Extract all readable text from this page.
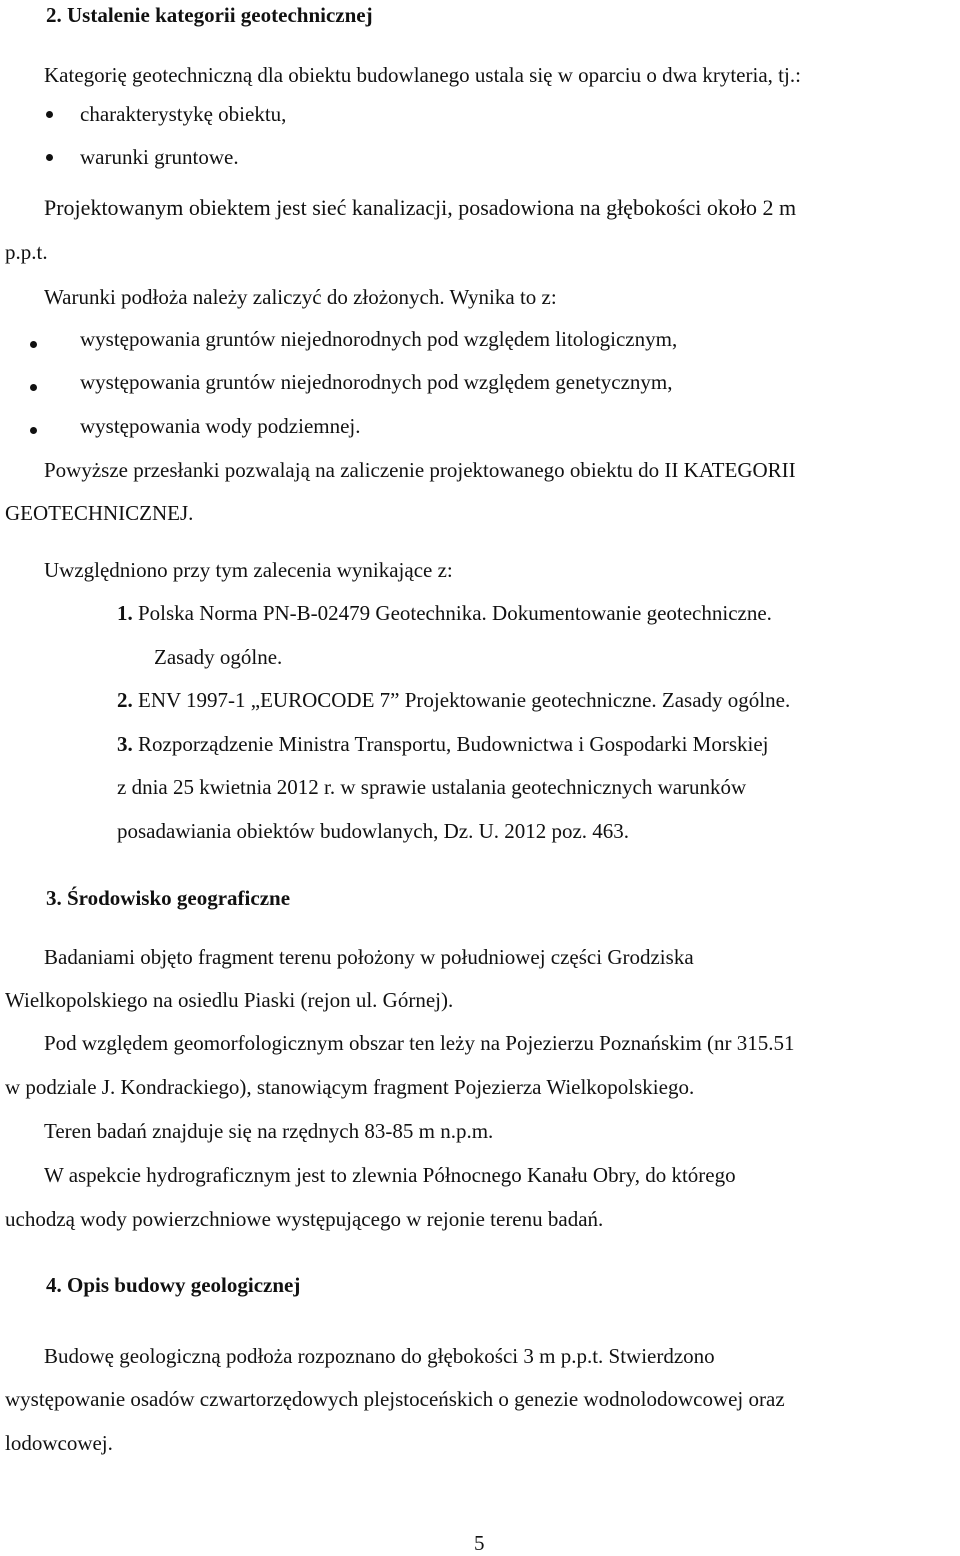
2. Ustalenie kategorii geotechnicznej
Kategorię geotechniczną dla obiektu budowlanego ustala się w oparciu o dwa kryteria, tj.:
charakterystykę obiektu,
warunki gruntowe.
Projektowanym obiektem jest sieć kanalizacji, posadowiona na głębokości około 2 m
p.p.t.
Warunki podłoża należy zaliczyć do złożonych. Wynika to z:
występowania gruntów niejednorodnych pod względem litologicznym,
występowania gruntów niejednorodnych pod względem genetycznym,
występowania wody podziemnej.
Powyższe przesłanki pozwalają na zaliczenie projektowanego obiektu do II KATEGORII
GEOTECHNICZNEJ.
Uwzględniono przy tym zalecenia wynikające z:
1. Polska Norma PN-B-02479 Geotechnika. Dokumentowanie geotechniczne.
Zasady ogólne.
2. ENV 1997-1 „EUROCODE 7” Projektowanie geotechniczne. Zasady ogólne.
3. Rozporządzenie Ministra Transportu, Budownictwa i Gospodarki Morskiej
z dnia 25 kwietnia 2012 r. w sprawie ustalania geotechnicznych warunków
posadawiania obiektów budowlanych, Dz. U. 2012 poz. 463.
3. Środowisko geograficzne
Badaniami objęto fragment terenu położony w południowej części Grodziska
Wielkopolskiego na osiedlu Piaski (rejon ul. Górnej).
Pod względem geomorfologicznym obszar ten leży na Pojezierzu Poznańskim (nr 315.51
w podziale J. Kondrackiego), stanowiącym fragment Pojezierza Wielkopolskiego.
Teren badań znajduje się na rzędnych 83-85 m n.p.m.
W aspekcie hydrograficznym jest to zlewnia Północnego Kanału Obry, do którego
uchodzą wody powierzchniowe występującego w rejonie terenu badań.
4. Opis budowy geologicznej
Budowę geologiczną podłoża rozpoznano do głębokości 3 m p.p.t. Stwierdzono
występowanie osadów czwartorzędowych plejstoceńskich o genezie wodnolodowcowej oraz
lodowcowej.
5
